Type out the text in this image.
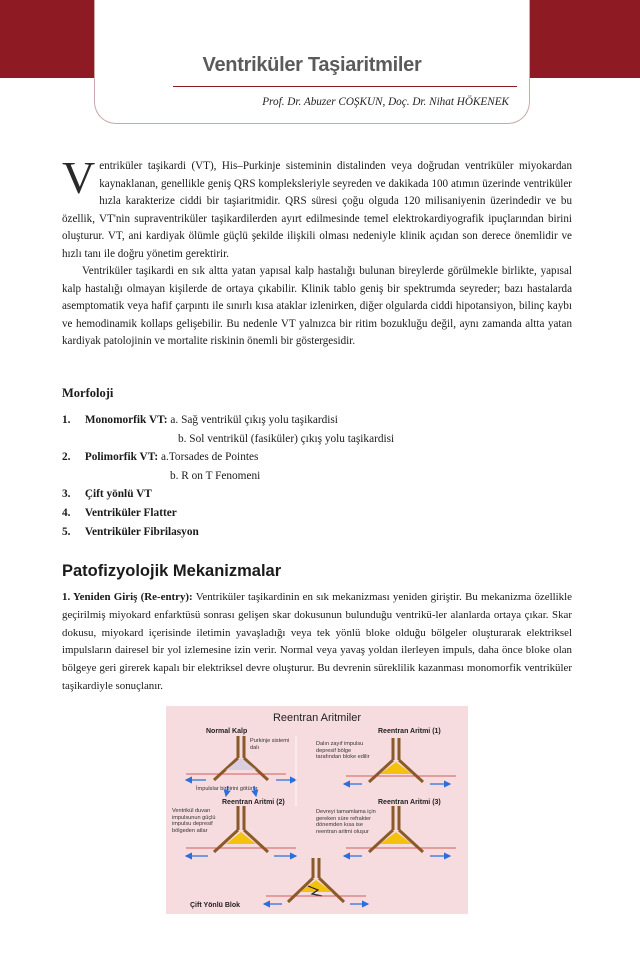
Ventriküler Taşiaritmiler
Prof. Dr. Abuzer COŞKUN, Doç. Dr. Nihat HÖKENEK

Ventriküler taşikardi (VT), His–Purkinje sisteminin distalinden veya doğrudan ventriküler miyokardan kaynaklanan, genellikle geniş QRS kompleksleriyle seyreden ve dakikada 100 atımın üzerinde ventriküler hızla karakterize ciddi bir taşiaritmidir. QRS süresi çoğu olguda 120 milisaniyenin üzerindedir ve bu özellik, VT'nin supraventriküler taşikardilerden ayırt edilmesinde temel elektrokardiyografik ipuçlarından birini oluşturur. VT, ani kardiyak ölümle güçlü şekilde ilişkili olması nedeniyle klinik açıdan son derece önemlidir ve hızlı tanı ile doğru yönetim gerektirir.

Ventriküler taşikardi en sık altta yatan yapısal kalp hastalığı bulunan bireylerde görülmekle birlikte, yapısal kalp hastalığı olmayan kişilerde de ortaya çıkabilir. Klinik tablo geniş bir spektrumda seyreder; bazı hastalarda asemptomatik veya hafif çarpıntı ile sınırlı kısa ataklar izlenirken, diğer olgularda ciddi hipotansiyon, bilinç kaybı ve hemodinamik kollaps gelişebilir. Bu nedenle VT yalnızca bir ritim bozukluğu değil, aynı zamanda altta yatan kardiyak patolojinin ve mortalite riskinin önemli bir göstergesidir.

Morfoloji
1. Monomorfik VT: a. Sağ ventrikül çıkış yolu taşikardisi
b. Sol ventrikül (fasiküler) çıkış yolu taşikardisi
2. Polimorfik VT: a.Torsades de Pointes
b. R on T Fenomeni
3. Çift yönlü VT
4. Ventriküler Flatter
5. Ventriküler Fibrilasyon
Patofizyolojik Mekanizmalar

1. Yeniden Giriş (Re-entry): Ventriküler taşikardinin en sık mekanizması yeniden giriştir. Bu mekanizma özellikle geçirilmiş miyokard enfarktüsü sonrası gelişen skar dokusunun bulunduğu ventrikü-ler alanlarda ortaya çıkar. Skar dokusu, miyokard içerisinde iletimin yavaşladığı veya tek yönlü bloke olduğu bölgeler oluşturarak elektriksel impulsların dairesel bir yol izlemesine izin verir. Normal veya yavaş yoldan ilerleyen impuls, daha önce bloke olan bölgeye geri girerek kapalı bir elektriksel devre oluşturur. Bu devrenin süreklilik kazanması monomorfik ventriküler taşikardiyle sonuçlanır.

Reentran Aritmiler
Normal Kalp	Reentran Aritmi (1)
Reentran Aritmi (2)	Reentran Aritmi (3)
Çift Yönlü Blok
Purkinje sistemi dalı
İmpulslar birbirini götürür
Dalın zayıf impulsu depresif bölge tarafından bloke edilir
Ventrikül duvarı impulsunun güçlü impulsu depresif bölgeden atlar
Devreyi tamamlama için gereken süre refrakter dönemden kısa ise reentran aritmi oluşur
